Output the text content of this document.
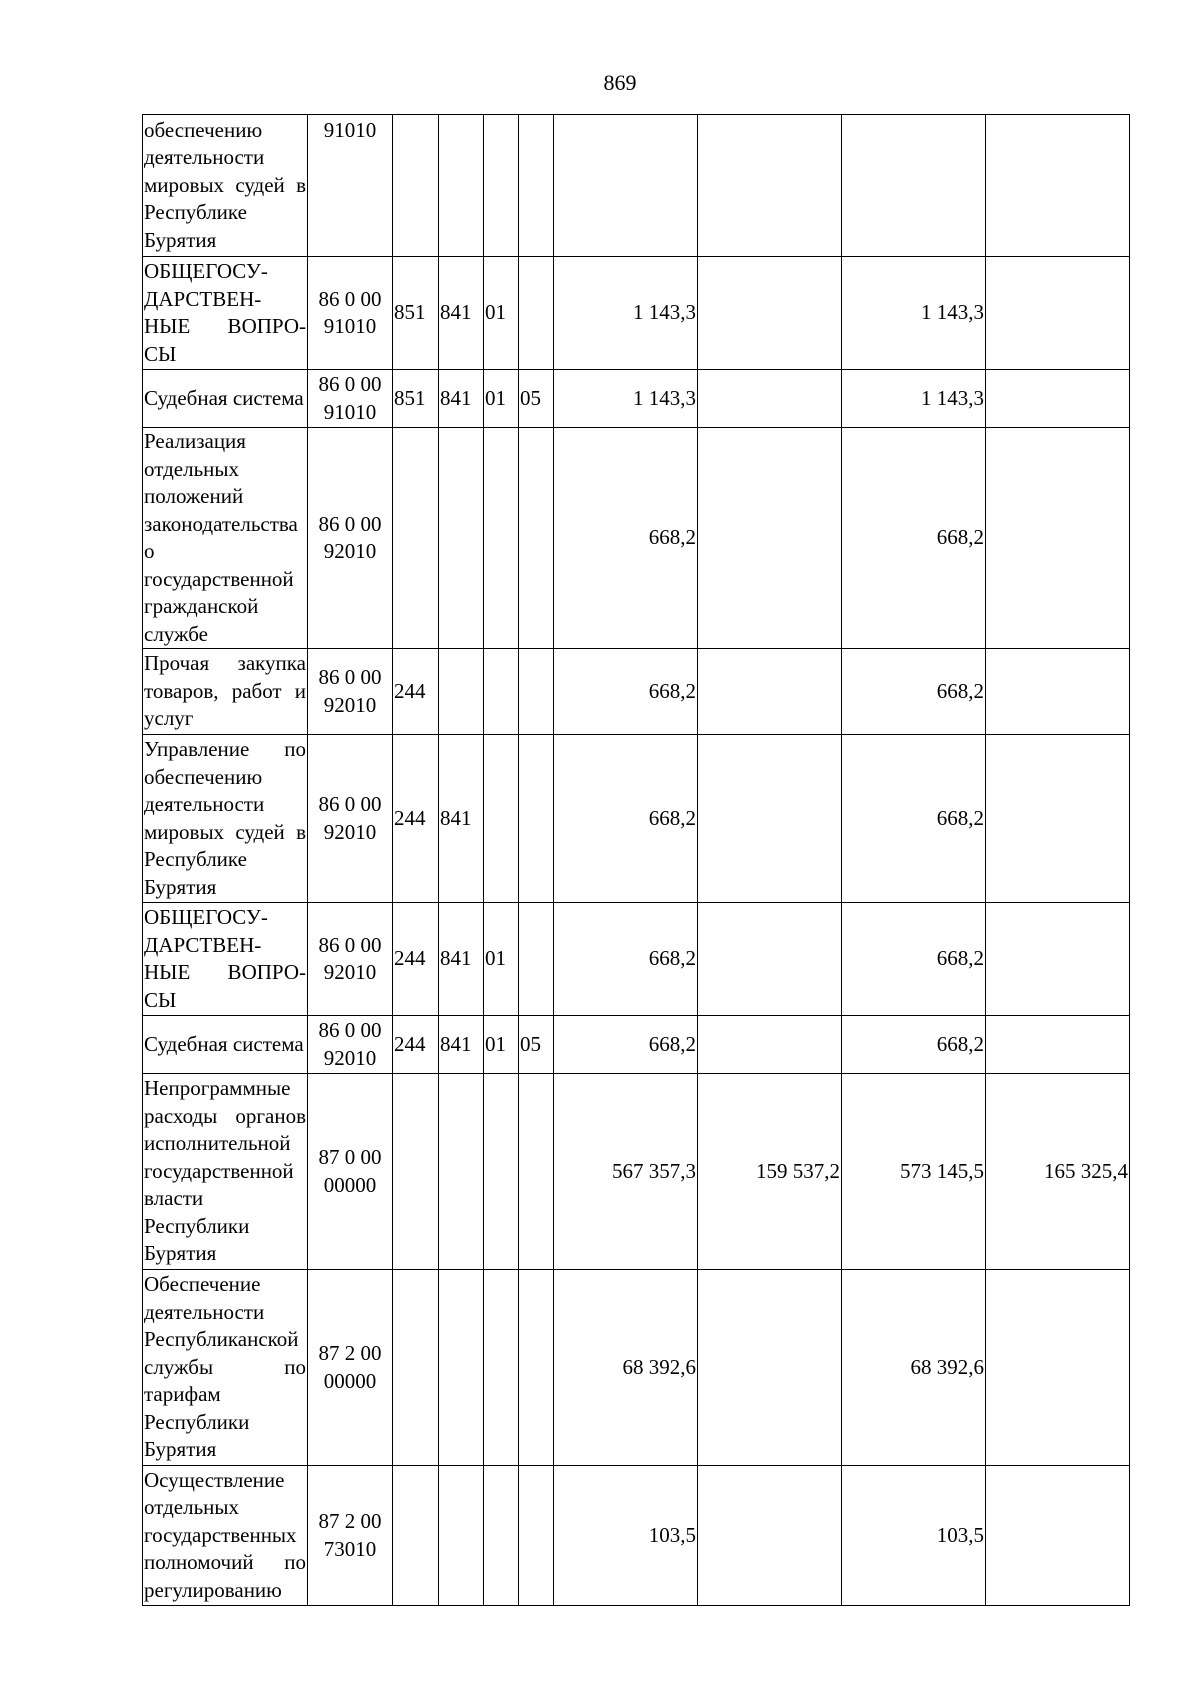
869
обеспечению деятельности мировых судей в Республике Бурятия	91010								
ОБЩЕГОСУ-ДАРСТВЕН-НЫЕ ВОПРО-СЫ	86 0 00 91010	851	841	01		1 143,3		1 143,3	
Судебная система	86 0 00 91010	851	841	01	05	1 143,3		1 143,3	
Реализация отдельных положений законодательства о государственной гражданской службе	86 0 00 92010					668,2		668,2	
Прочая закупка товаров, работ и услуг	86 0 00 92010	244				668,2		668,2	
Управление по обеспечению деятельности мировых судей в Республике Бурятия	86 0 00 92010	244	841			668,2		668,2	
ОБЩЕГОСУ-ДАРСТВЕН-НЫЕ ВОПРО-СЫ	86 0 00 92010	244	841	01		668,2		668,2	
Судебная система	86 0 00 92010	244	841	01	05	668,2		668,2	
Непрограммные расходы органов исполнительной государственной власти Республики Бурятия	87 0 00 00000					567 357,3	159 537,2	573 145,5	165 325,4
Обеспечение деятельности Республиканской службы по тарифам Республики Бурятия	87 2 00 00000					68 392,6		68 392,6	
Осуществление отдельных государственных полномочий по регулированию	87 2 00 73010					103,5		103,5	
